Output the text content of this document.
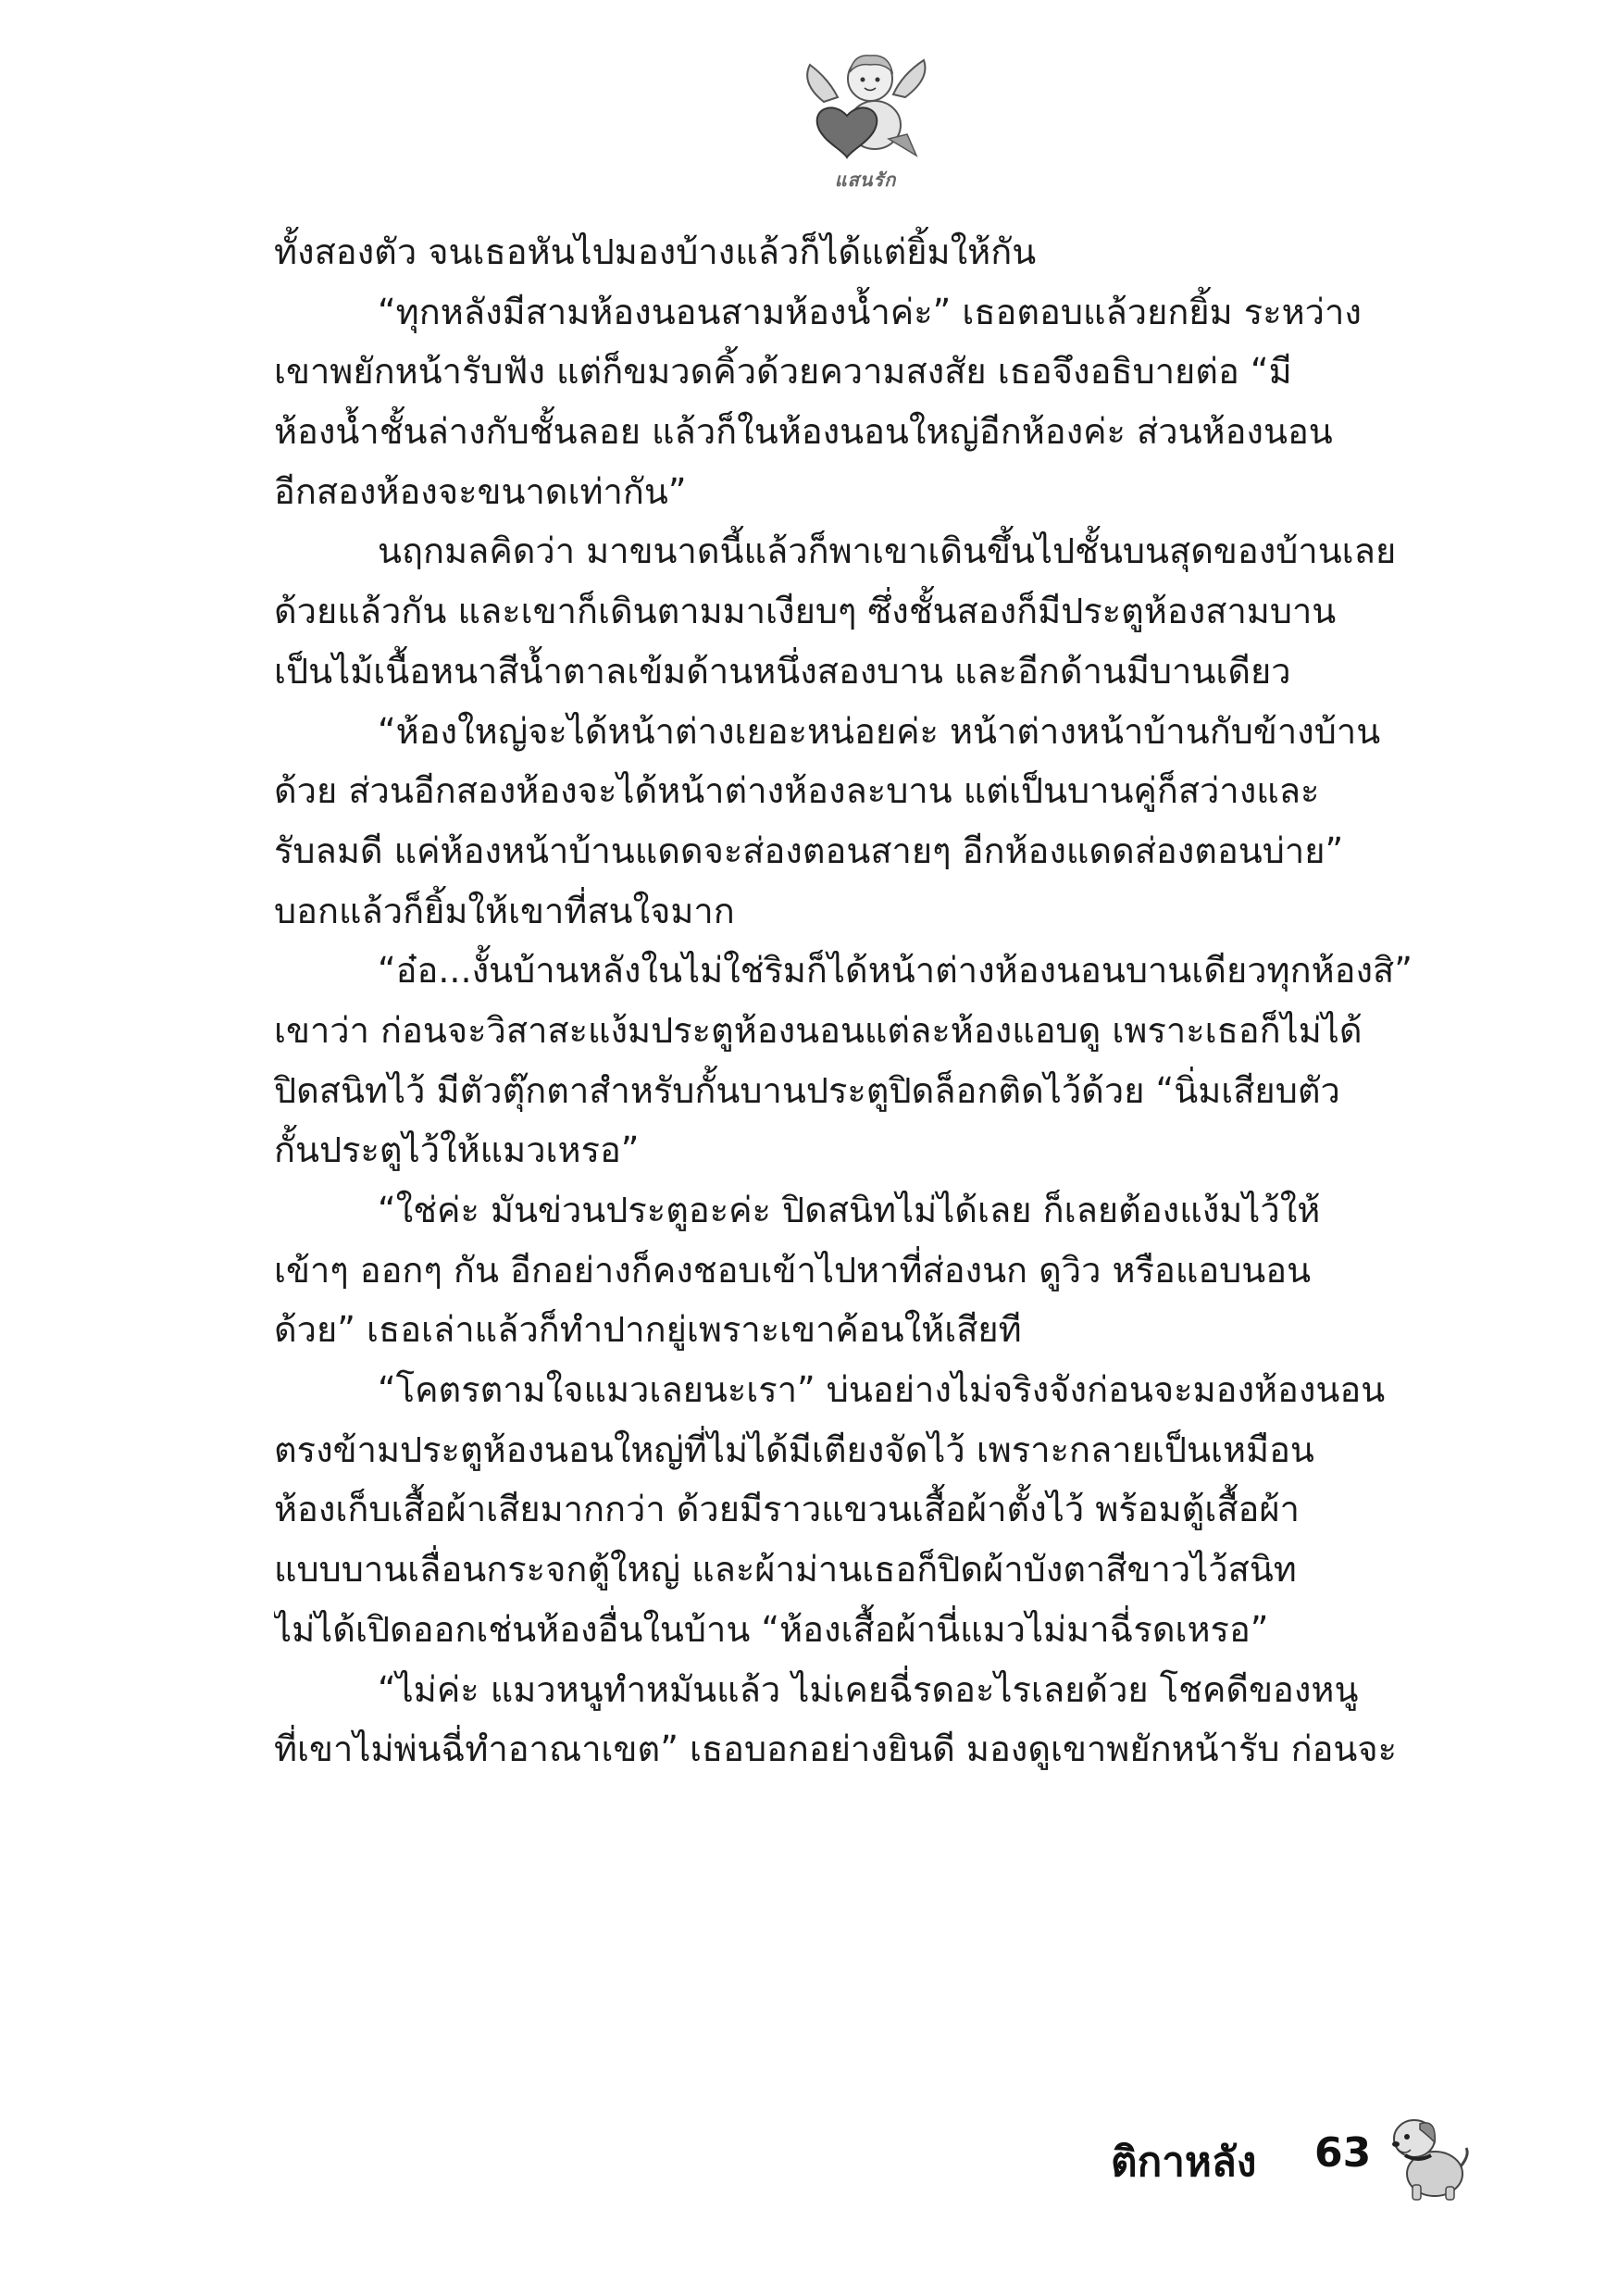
แสนรัก
ทั้งสองตัว จนเธอหันไปมองบ้างแล้วก็ได้แต่ยิ้มให้กัน
“ทุกหลังมีสามห้องนอนสามห้องน้ำค่ะ” เธอตอบแล้วยกยิ้ม ระหว่าง
เขาพยักหน้ารับฟัง แต่ก็ขมวดคิ้วด้วยความสงสัย เธอจึงอธิบายต่อ “มี
ห้องน้ำชั้นล่างกับชั้นลอย แล้วก็ในห้องนอนใหญ่อีกห้องค่ะ ส่วนห้องนอน
อีกสองห้องจะขนาดเท่ากัน”
นฤกมลคิดว่า มาขนาดนี้แล้วก็พาเขาเดินขึ้นไปชั้นบนสุดของบ้านเลย
ด้วยแล้วกัน และเขาก็เดินตามมาเงียบๆ ซึ่งชั้นสองก็มีประตูห้องสามบาน
เป็นไม้เนื้อหนาสีน้ำตาลเข้มด้านหนึ่งสองบาน และอีกด้านมีบานเดียว
“ห้องใหญ่จะได้หน้าต่างเยอะหน่อยค่ะ หน้าต่างหน้าบ้านกับข้างบ้าน
ด้วย ส่วนอีกสองห้องจะได้หน้าต่างห้องละบาน แต่เป็นบานคู่ก็สว่างและ
รับลมดี แค่ห้องหน้าบ้านแดดจะส่องตอนสายๆ อีกห้องแดดส่องตอนบ่าย”
บอกแล้วก็ยิ้มให้เขาที่สนใจมาก
“อ๋อ...งั้นบ้านหลังในไม่ใช่ริมก็ได้หน้าต่างห้องนอนบานเดียวทุกห้องสิ”
เขาว่า ก่อนจะวิสาสะแง้มประตูห้องนอนแต่ละห้องแอบดู เพราะเธอก็ไม่ได้
ปิดสนิทไว้ มีตัวตุ๊กตาสำหรับกั้นบานประตูปิดล็อกติดไว้ด้วย “นิ่มเสียบตัว
กั้นประตูไว้ให้แมวเหรอ”
“ใช่ค่ะ มันข่วนประตูอะค่ะ ปิดสนิทไม่ได้เลย ก็เลยต้องแง้มไว้ให้
เข้าๆ ออกๆ กัน อีกอย่างก็คงชอบเข้าไปหาที่ส่องนก ดูวิว หรือแอบนอน
ด้วย” เธอเล่าแล้วก็ทำปากยู่เพราะเขาค้อนให้เสียที
“โคตรตามใจแมวเลยนะเรา” บ่นอย่างไม่จริงจังก่อนจะมองห้องนอน
ตรงข้ามประตูห้องนอนใหญ่ที่ไม่ได้มีเตียงจัดไว้ เพราะกลายเป็นเหมือน
ห้องเก็บเสื้อผ้าเสียมากกว่า ด้วยมีราวแขวนเสื้อผ้าตั้งไว้ พร้อมตู้เสื้อผ้า
แบบบานเลื่อนกระจกตู้ใหญ่ และผ้าม่านเธอก็ปิดผ้าบังตาสีขาวไว้สนิท
ไม่ได้เปิดออกเช่นห้องอื่นในบ้าน “ห้องเสื้อผ้านี่แมวไม่มาฉี่รดเหรอ”
“ไม่ค่ะ แมวหนูทำหมันแล้ว ไม่เคยฉี่รดอะไรเลยด้วย โชคดีของหนู
ที่เขาไม่พ่นฉี่ทำอาณาเขต” เธอบอกอย่างยินดี มองดูเขาพยักหน้ารับ ก่อนจะ
ติกาหลัง 63
